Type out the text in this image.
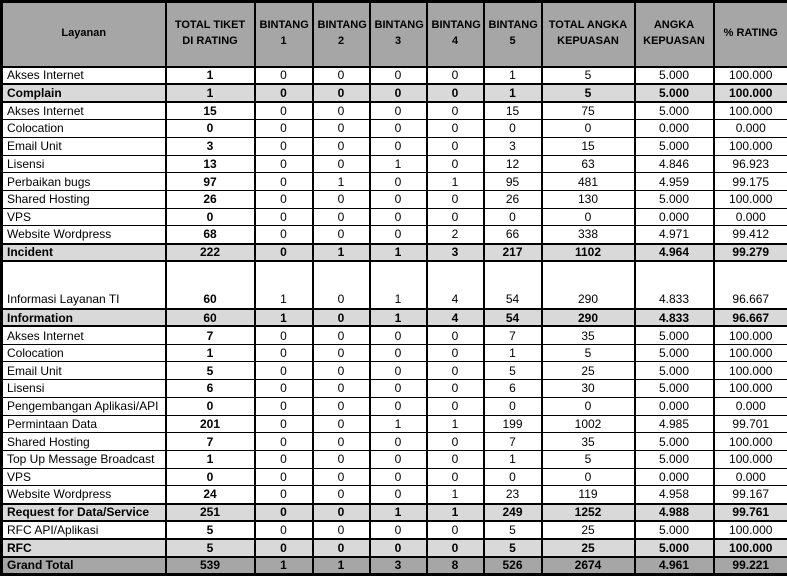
Layanan	TOTAL TIKET DI RATING	BINTANG 1	BINTANG 2	BINTANG 3	BINTANG 4	BINTANG 5	TOTAL ANGKA KEPUASAN	ANGKA KEPUASAN	% RATING
Akses Internet	1	0	0	0	0	1	5	5.000	100.000
Complain	1	0	0	0	0	1	5	5.000	100.000
Akses Internet	15	0	0	0	0	15	75	5.000	100.000
Colocation	0	0	0	0	0	0	0	0.000	0.000
Email Unit	3	0	0	0	0	3	15	5.000	100.000
Lisensi	13	0	0	1	0	12	63	4.846	96.923
Perbaikan bugs	97	0	1	0	1	95	481	4.959	99.175
Shared Hosting	26	0	0	0	0	26	130	5.000	100.000
VPS	0	0	0	0	0	0	0	0.000	0.000
Website Wordpress	68	0	0	0	2	66	338	4.971	99.412
Incident	222	0	1	1	3	217	1102	4.964	99.279
Informasi Layanan TI	60	1	0	1	4	54	290	4.833	96.667
Information	60	1	0	1	4	54	290	4.833	96.667
Akses Internet	7	0	0	0	0	7	35	5.000	100.000
Colocation	1	0	0	0	0	1	5	5.000	100.000
Email Unit	5	0	0	0	0	5	25	5.000	100.000
Lisensi	6	0	0	0	0	6	30	5.000	100.000
Pengembangan Aplikasi/API	0	0	0	0	0	0	0	0.000	0.000
Permintaan Data	201	0	0	1	1	199	1002	4.985	99.701
Shared Hosting	7	0	0	0	0	7	35	5.000	100.000
Top Up Message Broadcast	1	0	0	0	0	1	5	5.000	100.000
VPS	0	0	0	0	0	0	0	0.000	0.000
Website Wordpress	24	0	0	0	1	23	119	4.958	99.167
Request for Data/Service	251	0	0	1	1	249	1252	4.988	99.761
RFC API/Aplikasi	5	0	0	0	0	5	25	5.000	100.000
RFC	5	0	0	0	0	5	25	5.000	100.000
Grand Total	539	1	1	3	8	526	2674	4.961	99.221
